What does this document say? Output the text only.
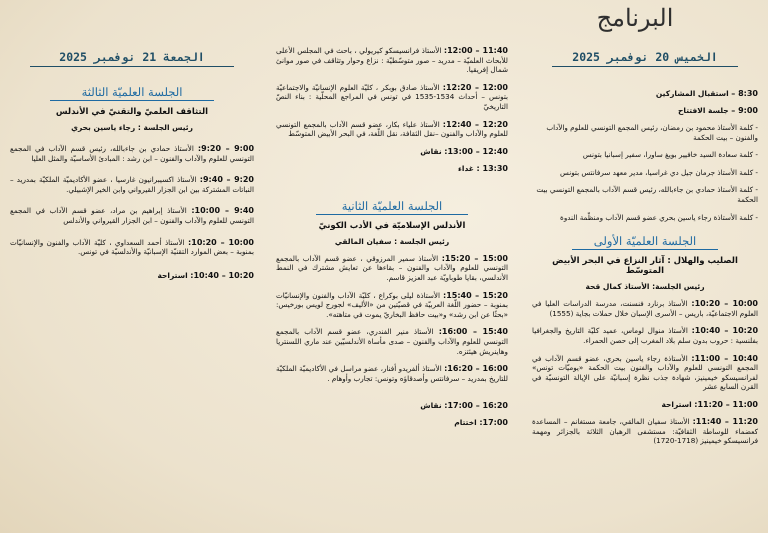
البرنامج
الخميس 20 نوفمبر 2025
8:30 – استقبال المشاركين
9:00 – جلسة الافتتاح
- كلمة الأستاذ محمود بن رمضان، رئيس المجمع التونسي للعلوم والآداب والفنون – بيت الحكمة
- كلمة سعادة السيد خافيير بويغ ساورا، سفير إسبانيا بتونس
- كلمة الأستاذ جرمان جيل دي غراسيا، مدير معهد سرفانتس بتونس
- كلمة الأستاذ حمادي بن جاءبالله، رئيس قسم الآداب بالمجمع التونسي بيت الحكمة
- كلمة الأستاذة رجاء ياسين بحري عضو قسم الآداب ومنظّمة الندوة
الجلسة العلميّة الأولى
الصليب والهلال : آثار النزاع في البحر الأبيض المتوسّط
رئيس الجلسة: الأستاذ كمال قحة
10:00 – 10:20: الأستاذ برنارد فنسنت، مدرسة الدراسات العليا في العلوم الاجتماعيّة، باريس – الأسرى الإسبان خلال حملات بجاية (1555)
10:20 – 10:40: الأستاذ منوال لوماس، عميد كليّة التاريخ والجغرافيا بفلنسية : حروب بدون سلم بلاد المغرب إلى حصن الحمراء.
10:40 – 11:00: الأستاذة رجاء ياسين بحري، عضو قسم الآداب في المجمع التونسي للعلوم والآداب والفنون بيت الحكمة «يوميّات تونس» لفرانسيسكو خيمينيز، شهادة جذب نظرة إسبانيّة على الإيالة التونسيّة في القرن السابع عشر
11:00 – 11:20: استراحة
11:20 – 11:40: الأستاذ سفيان المالقي، جامعة مستغانم – المساعدة كعضماء للوساطة الثقافيّة: مستشفى الرهبان الثلاثة بالجزائر ومهمة فرانسيسكو خيمينيز (1718-1720)
11:40 – 12:00: الأستاذ فرانسيسكو كيريولي ، باحث في المجلس الأعلى للأبحاث العلميّة – مدريد – صور متوسّطيّة : نزاع وحوار وتثاقف في صور موانئ شمال إفريقيا.
12:00 – 12:20: الأستاذ صادق بوبكر ، كليّة العلوم الإنسانيّة والاجتماعيّة بتونس – أحداث 1534-1535 في تونس في المراجع المحلّية : بناء النصّ التاريخيّ
12:20 – 12:40: الأستاذ علياء بكار، عضو قسم الآداب بالمجمع التونسي للعلوم والآداب والفنون –نقل الثقافة، نقل اللّغة، في البحر الأبيض المتوسّط
12:40 – 13:00: نقاش
13:30 : غداء
الجلسة العلميّة الثانية
الأندلس الإسلاميّة في الأدب الكونيّ
رئيس الجلسة : سفيان المالقي
15:00 – 15:20: الأستاذ سمير المرزوقي ، عضو قسم الآداب بالمجمع التونسي للعلوم والآداب والفنون – بقاءها عن تعايش مشترك في النمط الأندلسي، بقايا طوباويّة عبد العزيز قاسم.
15:20 – 15:40: الأستاذة ليلى بوكراع ، كليّة الآداب والفنون والإنسانيّات بمنوبة – حضور اللّغة العربيّة في قصيّتين من «الأليف» لجورج لويس بورخيس: «بحثًا عن ابن رشد» و«بيت حافظ البخاريّ يموت في متاهته».
15:40 – 16:00: الأستاذ منير الفندري، عضو قسم الآداب بالمجمع التونسي للعلوم والآداب والفنون – صدى مأساة الأندلسيّين عند ماري اللسنتريا وهاينريش هيئتزه.
16:00 – 16:20: الأستاذ ألفريدو أفنار، عضو مراسل في الأكاديميّة الملكيّة للتاريخ بمدريد – سرفانتس وأصدقاؤه وتونس: تجارب وأوهام .
16:20 – 17:00: نقاش
17:00: اختتام
الجمعة 21 نوفمبر 2025
الجلسة العلميّة الثالثة
التثاقف العلميّ والتقنيّ في الأندلس
رئيس الجلسة : رجاء ياسين بحري
9:00 – 9:20: الأستاذ حمادي بن جاءبالله، رئيس قسم الآداب في المجمع التونسي للعلوم والآداب والفنون – ابن رشد : المبادئ الأساسيّة والمثل العليا
9:20 – 9:40: الأستاذ اكسيبرانيون غارسيا ، عضو الأكاديميّة الملكيّة بمدريد – النباتات المشتركة بين ابن الجزار القيرواني وابن الخير الإشبيلي.
9:40 – 10:00: الأستاذ إبراهيم بن مراد، عضو قسم الآداب في المجمع التونسي للعلوم والآداب والفنون – ابن الجزار القيرواني والأندلس
10:00 – 10:20: الأستاذ أحمد السعداوي ، كليّة الآداب والفنون والإنسانيّات بمنوبة – بعض الموارد التقنيّة الإسبانيّة والأندلسيّة في تونس.
10:20 – 10:40: استراحة
